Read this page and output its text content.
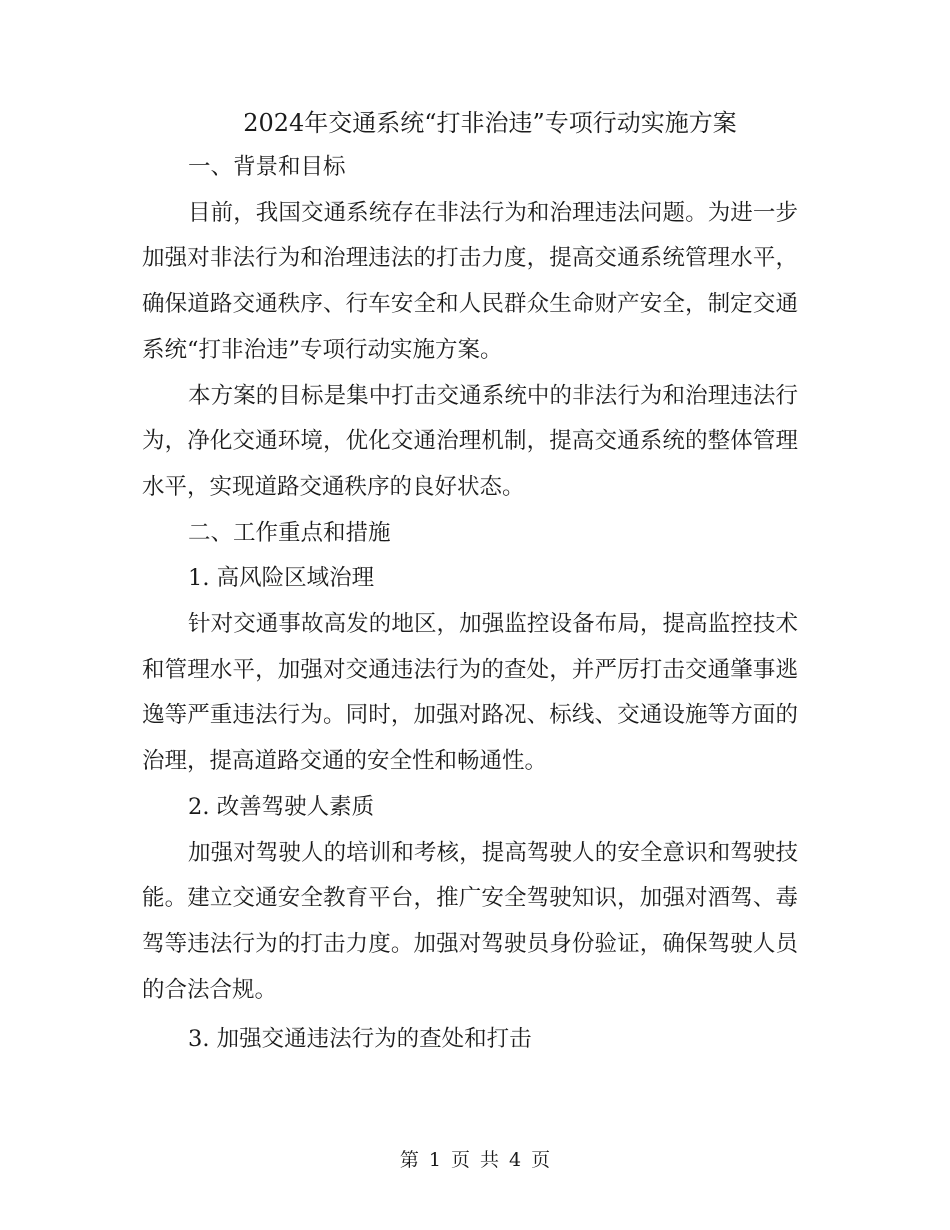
2024年交通系统“打非治违”专项行动实施方案

一、背景和目标

目前，我国交通系统存在非法行为和治理违法问题。为进一步加强对非法行为和治理违法的打击力度，提高交通系统管理水平，确保道路交通秩序、行车安全和人民群众生命财产安全，制定交通系统“打非治违”专项行动实施方案。

本方案的目标是集中打击交通系统中的非法行为和治理违法行为，净化交通环境，优化交通治理机制，提高交通系统的整体管理水平，实现道路交通秩序的良好状态。

二、工作重点和措施

1. 高风险区域治理

针对交通事故高发的地区，加强监控设备布局，提高监控技术和管理水平，加强对交通违法行为的查处，并严厉打击交通肇事逃逸等严重违法行为。同时，加强对路况、标线、交通设施等方面的治理，提高道路交通的安全性和畅通性。

2. 改善驾驶人素质

加强对驾驶人的培训和考核，提高驾驶人的安全意识和驾驶技能。建立交通安全教育平台，推广安全驾驶知识，加强对酒驾、毒驾等违法行为的打击力度。加强对驾驶员身份验证，确保驾驶人员的合法合规。

3. 加强交通违法行为的查处和打击

第 1 页 共 4 页
